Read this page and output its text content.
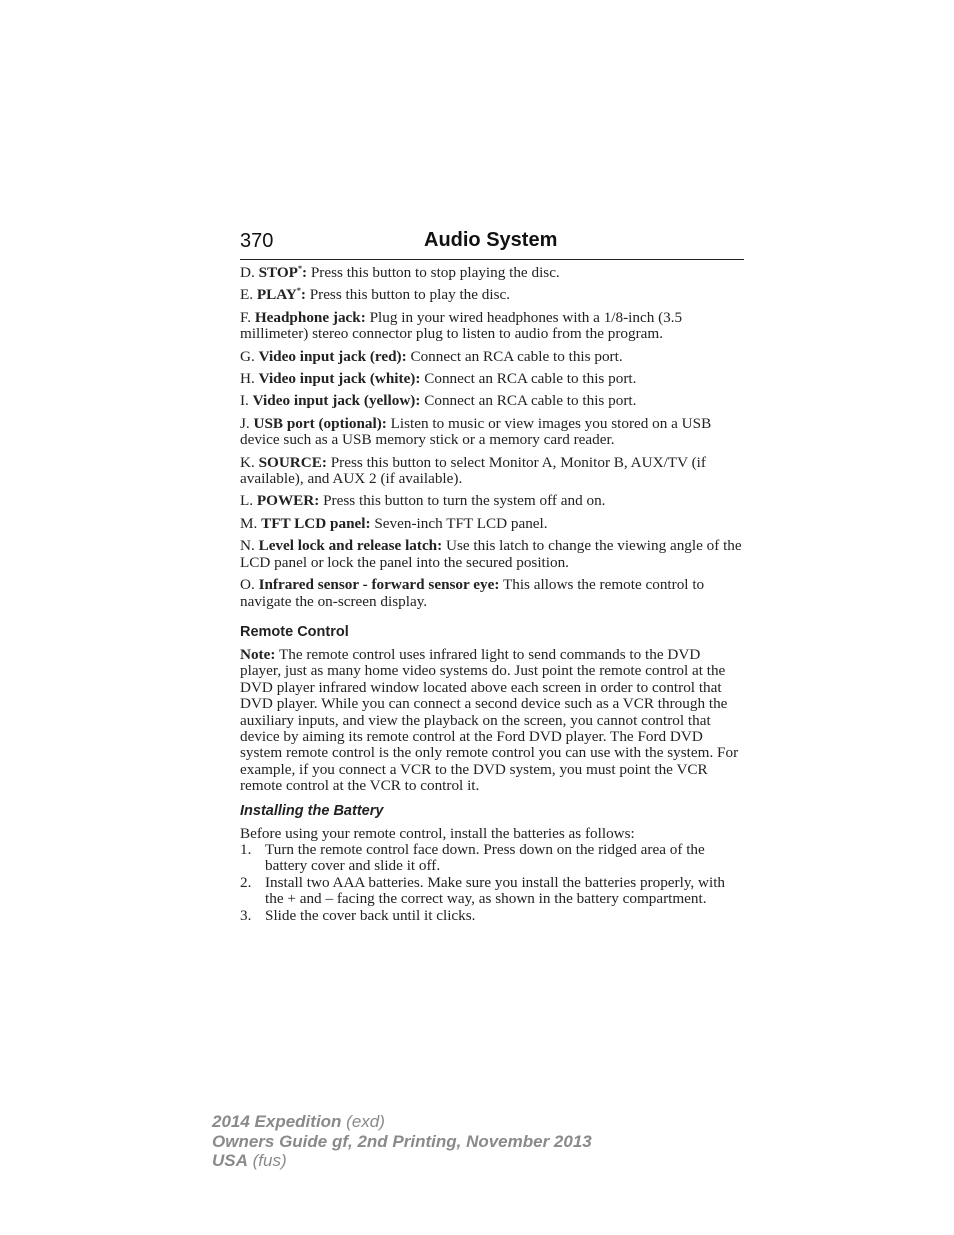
370	Audio System
D. STOP*: Press this button to stop playing the disc.
E. PLAY*: Press this button to play the disc.
F. Headphone jack: Plug in your wired headphones with a 1/8-inch (3.5 millimeter) stereo connector plug to listen to audio from the program.
G. Video input jack (red): Connect an RCA cable to this port.
H. Video input jack (white): Connect an RCA cable to this port.
I. Video input jack (yellow): Connect an RCA cable to this port.
J. USB port (optional): Listen to music or view images you stored on a USB device such as a USB memory stick or a memory card reader.
K. SOURCE: Press this button to select Monitor A, Monitor B, AUX/TV (if available), and AUX 2 (if available).
L. POWER: Press this button to turn the system off and on.
M. TFT LCD panel: Seven-inch TFT LCD panel.
N. Level lock and release latch: Use this latch to change the viewing angle of the LCD panel or lock the panel into the secured position.
O. Infrared sensor - forward sensor eye: This allows the remote control to navigate the on-screen display.
Remote Control

Note: The remote control uses infrared light to send commands to the DVD player, just as many home video systems do. Just point the remote control at the DVD player infrared window located above each screen in order to control that DVD player. While you can connect a second device such as a VCR through the auxiliary inputs, and view the playback on the screen, you cannot control that device by aiming its remote control at the Ford DVD player. The Ford DVD system remote control is the only remote control you can use with the system. For example, if you connect a VCR to the DVD system, you must point the VCR remote control at the VCR to control it.

Installing the Battery

Before using your remote control, install the batteries as follows:

1. Turn the remote control face down. Press down on the ridged area of the battery cover and slide it off.
2. Install two AAA batteries. Make sure you install the batteries properly, with the + and – facing the correct way, as shown in the battery compartment.
3. Slide the cover back until it clicks.
2014 Expedition (exd)
Owners Guide gf, 2nd Printing, November 2013
USA (fus)
